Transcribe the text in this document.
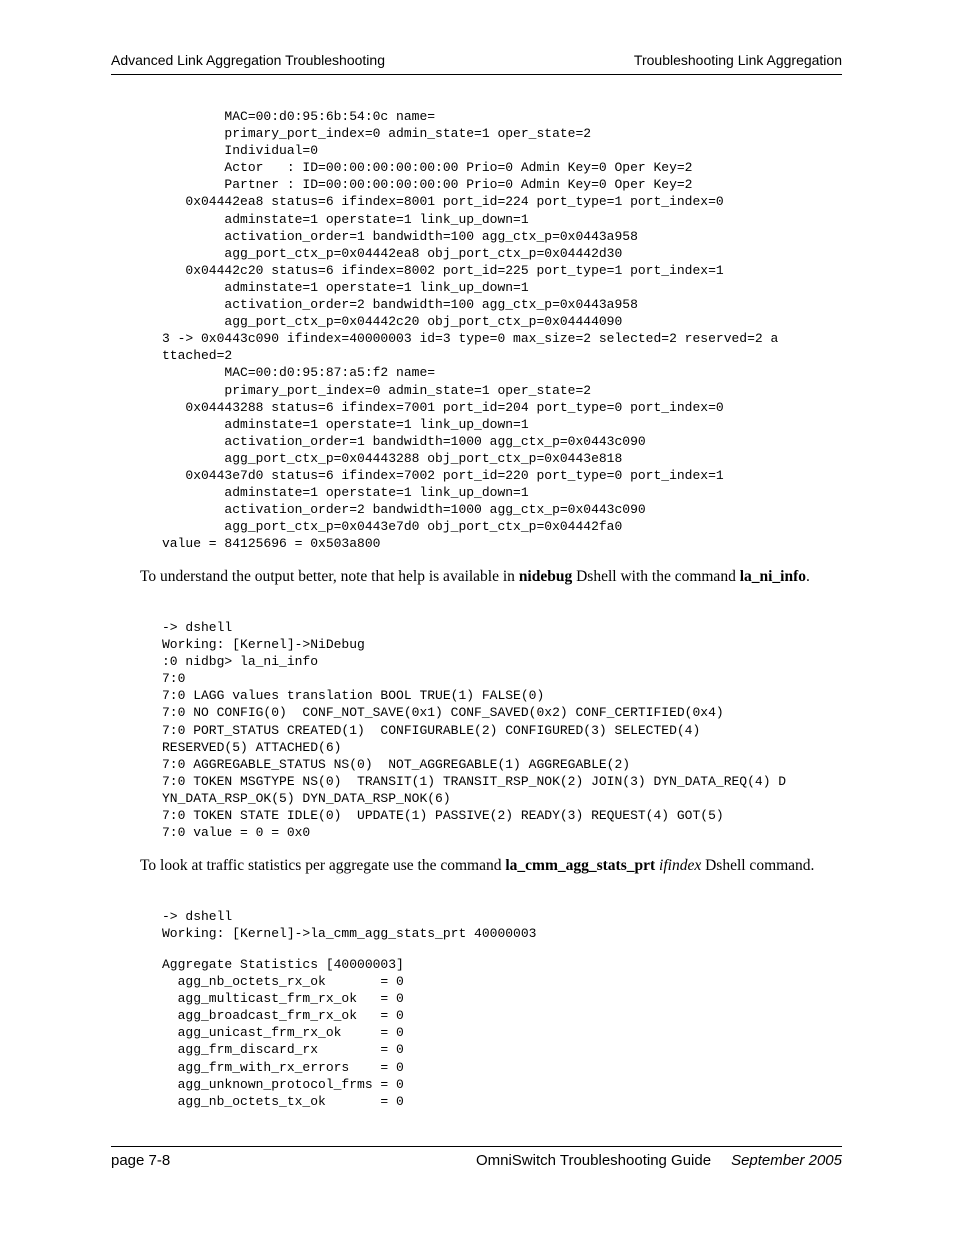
Advanced Link Aggregation Troubleshooting	Troubleshooting Link Aggregation
MAC=00:d0:95:6b:54:0c name=
primary_port_index=0 admin_state=1 oper_state=2
Individual=0
Actor   : ID=00:00:00:00:00:00 Prio=0 Admin Key=0 Oper Key=2
Partner : ID=00:00:00:00:00:00 Prio=0 Admin Key=0 Oper Key=2
0x04442ea8 status=6 ifindex=8001 port_id=224 port_type=1 port_index=0
adminstate=1 operstate=1 link_up_down=1
activation_order=1 bandwidth=100 agg_ctx_p=0x0443a958
agg_port_ctx_p=0x04442ea8 obj_port_ctx_p=0x04442d30
0x04442c20 status=6 ifindex=8002 port_id=225 port_type=1 port_index=1
adminstate=1 operstate=1 link_up_down=1
activation_order=2 bandwidth=100 agg_ctx_p=0x0443a958
agg_port_ctx_p=0x04442c20 obj_port_ctx_p=0x04444090
3 -> 0x0443c090 ifindex=40000003 id=3 type=0 max_size=2 selected=2 reserved=2 a
ttached=2
MAC=00:d0:95:87:a5:f2 name=
primary_port_index=0 admin_state=1 oper_state=2
0x04443288 status=6 ifindex=7001 port_id=204 port_type=0 port_index=0
adminstate=1 operstate=1 link_up_down=1
activation_order=1 bandwidth=1000 agg_ctx_p=0x0443c090
agg_port_ctx_p=0x04443288 obj_port_ctx_p=0x0443e818
0x0443e7d0 status=6 ifindex=7002 port_id=220 port_type=0 port_index=1
adminstate=1 operstate=1 link_up_down=1
activation_order=2 bandwidth=1000 agg_ctx_p=0x0443c090
agg_port_ctx_p=0x0443e7d0 obj_port_ctx_p=0x04442fa0
value = 84125696 = 0x503a800

To understand the output better, note that help is available in nidebug Dshell with the command la_ni_info.

-> dshell
Working: [Kernel]->NiDebug
:0 nidbg> la_ni_info
7:0
7:0 LAGG values translation BOOL TRUE(1) FALSE(0)
7:0 NO CONFIG(0)  CONF_NOT_SAVE(0x1) CONF_SAVED(0x2) CONF_CERTIFIED(0x4)
7:0 PORT_STATUS CREATED(1)  CONFIGURABLE(2) CONFIGURED(3) SELECTED(4)
RESERVED(5) ATTACHED(6)
7:0 AGGREGABLE_STATUS NS(0)  NOT_AGGREGABLE(1) AGGREGABLE(2)
7:0 TOKEN MSGTYPE NS(0)  TRANSIT(1) TRANSIT_RSP_NOK(2) JOIN(3) DYN_DATA_REQ(4) D
YN_DATA_RSP_OK(5) DYN_DATA_RSP_NOK(6)
7:0 TOKEN STATE IDLE(0)  UPDATE(1) PASSIVE(2) READY(3) REQUEST(4) GOT(5)
7:0 value = 0 = 0x0

To look at traffic statistics per aggregate use the command la_cmm_agg_stats_prt ifindex Dshell command.

-> dshell
Working: [Kernel]->la_cmm_agg_stats_prt 40000003
Aggregate Statistics [40000003]
agg_nb_octets_rx_ok       = 0
agg_multicast_frm_rx_ok   = 0
agg_broadcast_frm_rx_ok   = 0
agg_unicast_frm_rx_ok     = 0
agg_frm_discard_rx        = 0
agg_frm_with_rx_errors    = 0
agg_unknown_protocol_frms = 0
agg_nb_octets_tx_ok       = 0
page 7-8	OmniSwitch Troubleshooting Guide September 2005
